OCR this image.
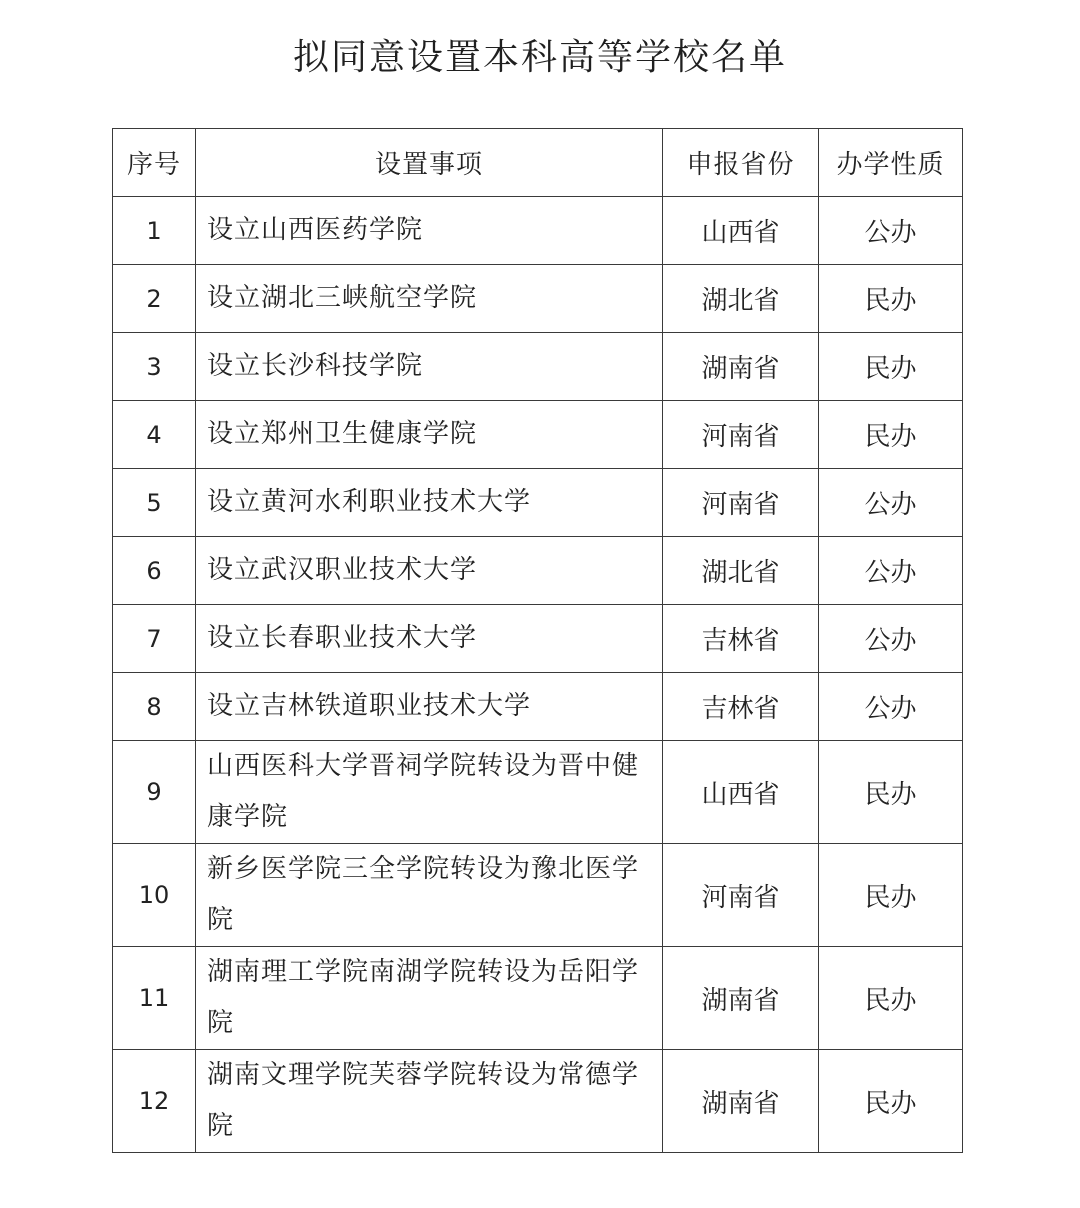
拟同意设置本科高等学校名单
序号	设置事项	申报省份	办学性质
1	设立山西医药学院	山西省	公办
2	设立湖北三峡航空学院	湖北省	民办
3	设立长沙科技学院	湖南省	民办
4	设立郑州卫生健康学院	河南省	民办
5	设立黄河水利职业技术大学	河南省	公办
6	设立武汉职业技术大学	湖北省	公办
7	设立长春职业技术大学	吉林省	公办
8	设立吉林铁道职业技术大学	吉林省	公办
9	山西医科大学晋祠学院转设为晋中健康学院	山西省	民办
10	新乡医学院三全学院转设为豫北医学院	河南省	民办
11	湖南理工学院南湖学院转设为岳阳学院	湖南省	民办
12	湖南文理学院芙蓉学院转设为常德学院	湖南省	民办
